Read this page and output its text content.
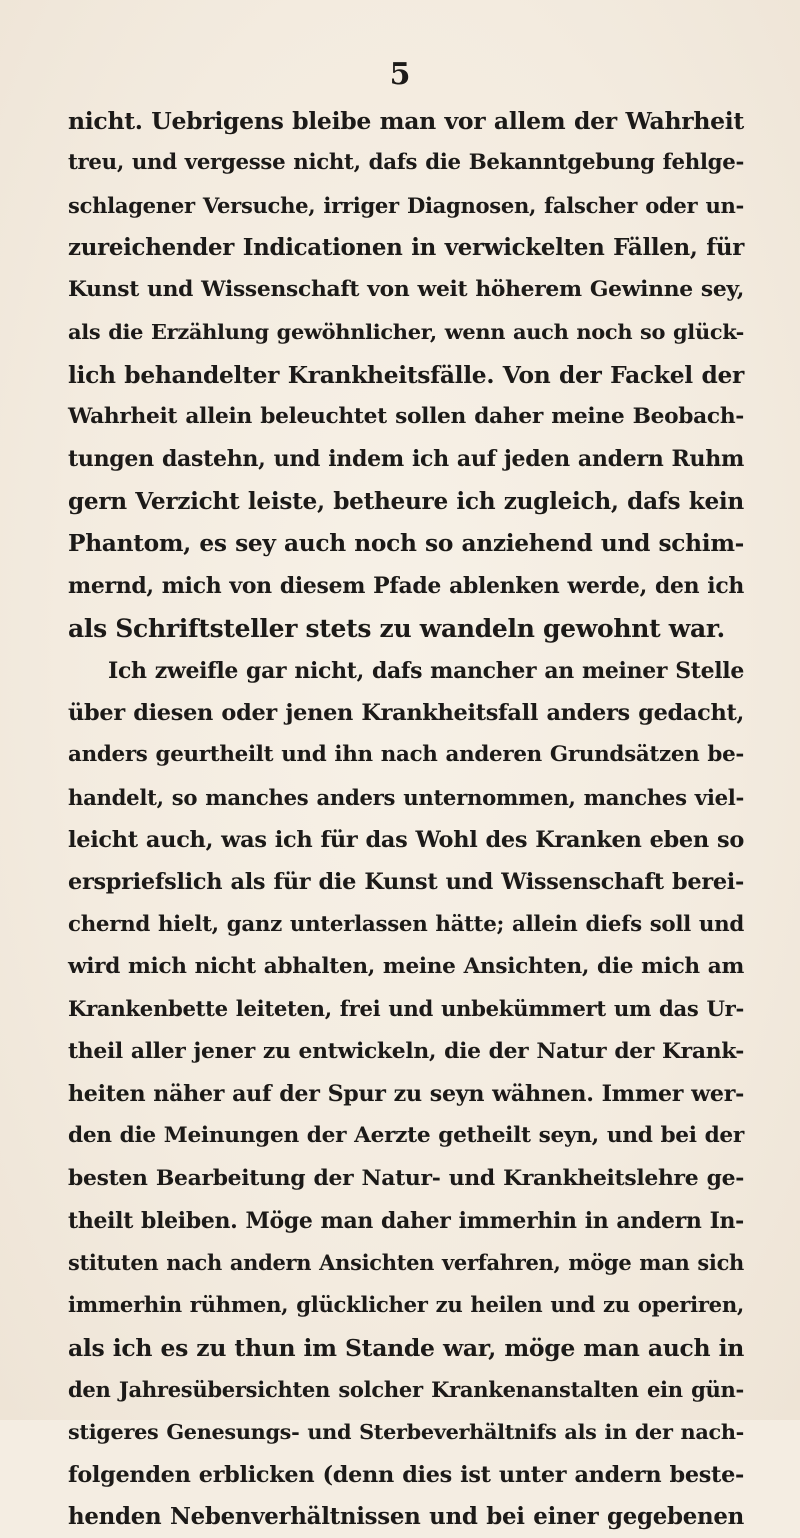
5
nicht. Uebrigens bleibe man vor allem der Wahrheit
treu, und vergesse nicht, dafs die Bekanntgebung fehlge-
schlagener Versuche, irriger Diagnosen, falscher oder un-
zureichender Indicationen in verwickelten Fällen, für
Kunst und Wissenschaft von weit höherem Gewinne sey,
als die Erzählung gewöhnlicher, wenn auch noch so glück-
lich behandelter Krankheitsfälle. Von der Fackel der
Wahrheit allein beleuchtet sollen daher meine Beobach-
tungen dastehn, und indem ich auf jeden andern Ruhm
gern Verzicht leiste, betheure ich zugleich, dafs kein
Phantom, es sey auch noch so anziehend und schim-
mernd, mich von diesem Pfade ablenken werde, den ich
als Schriftsteller stets zu wandeln gewohnt war.
Ich zweifle gar nicht, dafs mancher an meiner Stelle
über diesen oder jenen Krankheitsfall anders gedacht,
anders geurtheilt und ihn nach anderen Grundsätzen be-
handelt, so manches anders unternommen, manches viel-
leicht auch, was ich für das Wohl des Kranken eben so
erspriefslich als für die Kunst und Wissenschaft berei-
chernd hielt, ganz unterlassen hätte; allein diefs soll und
wird mich nicht abhalten, meine Ansichten, die mich am
Krankenbette leiteten, frei und unbekümmert um das Ur-
theil aller jener zu entwickeln, die der Natur der Krank-
heiten näher auf der Spur zu seyn wähnen. Immer wer-
den die Meinungen der Aerzte getheilt seyn, und bei der
besten Bearbeitung der Natur- und Krankheitslehre ge-
theilt bleiben. Möge man daher immerhin in andern In-
stituten nach andern Ansichten verfahren, möge man sich
immerhin rühmen, glücklicher zu heilen und zu operiren,
als ich es zu thun im Stande war, möge man auch in
den Jahresübersichten solcher Krankenanstalten ein gün-
stigeres Genesungs- und Sterbeverhältnifs als in der nach-
folgenden erblicken (denn dies ist unter andern beste-
henden Nebenverhältnissen und bei einer gegebenen
